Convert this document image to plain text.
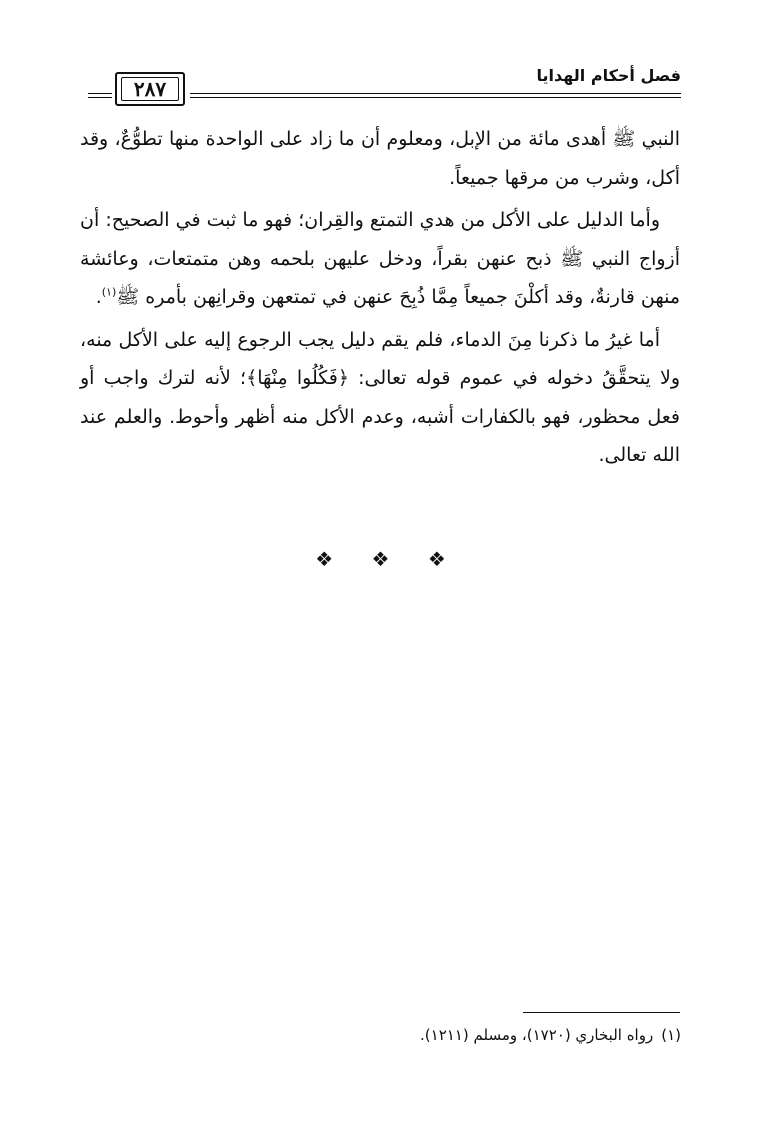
فصل أحكام الهدايا
٢٨٧

النبي ﷺ أهدى مائة من الإبل، ومعلوم أن ما زاد على الواحدة منها تطوُّعٌ، وقد أكل، وشرب من مرقها جميعاً.

وأما الدليل على الأكل من هدي التمتع والقِران؛ فهو ما ثبت في الصحيح: أن أزواج النبي ﷺ ذبح عنهن بقراً، ودخل عليهن بلحمه وهن متمتعات، وعائشة منهن قارنةٌ، وقد أكلْنَ جميعاً مِمَّا ذُبِحَ عنهن في تمتعهن وقرانِهن بأمره ﷺ$^{(١)}$.

أما غيرُ ما ذكرنا مِنَ الدماء، فلم يقم دليل يجب الرجوع إليه على الأكل منه، ولا يتحقَّقُ دخوله في عموم قوله تعالى: ﴿فَكُلُوا مِنْهَا﴾؛ لأنه لترك واجب أو فعل محظور، فهو بالكفارات أشبه، وعدم الأكل منه أظهر وأحوط. والعلم عند الله تعالى.

❖ ❖ ❖
(١)رواه البخاري (١٧٢٠)، ومسلم (١٢١١).
